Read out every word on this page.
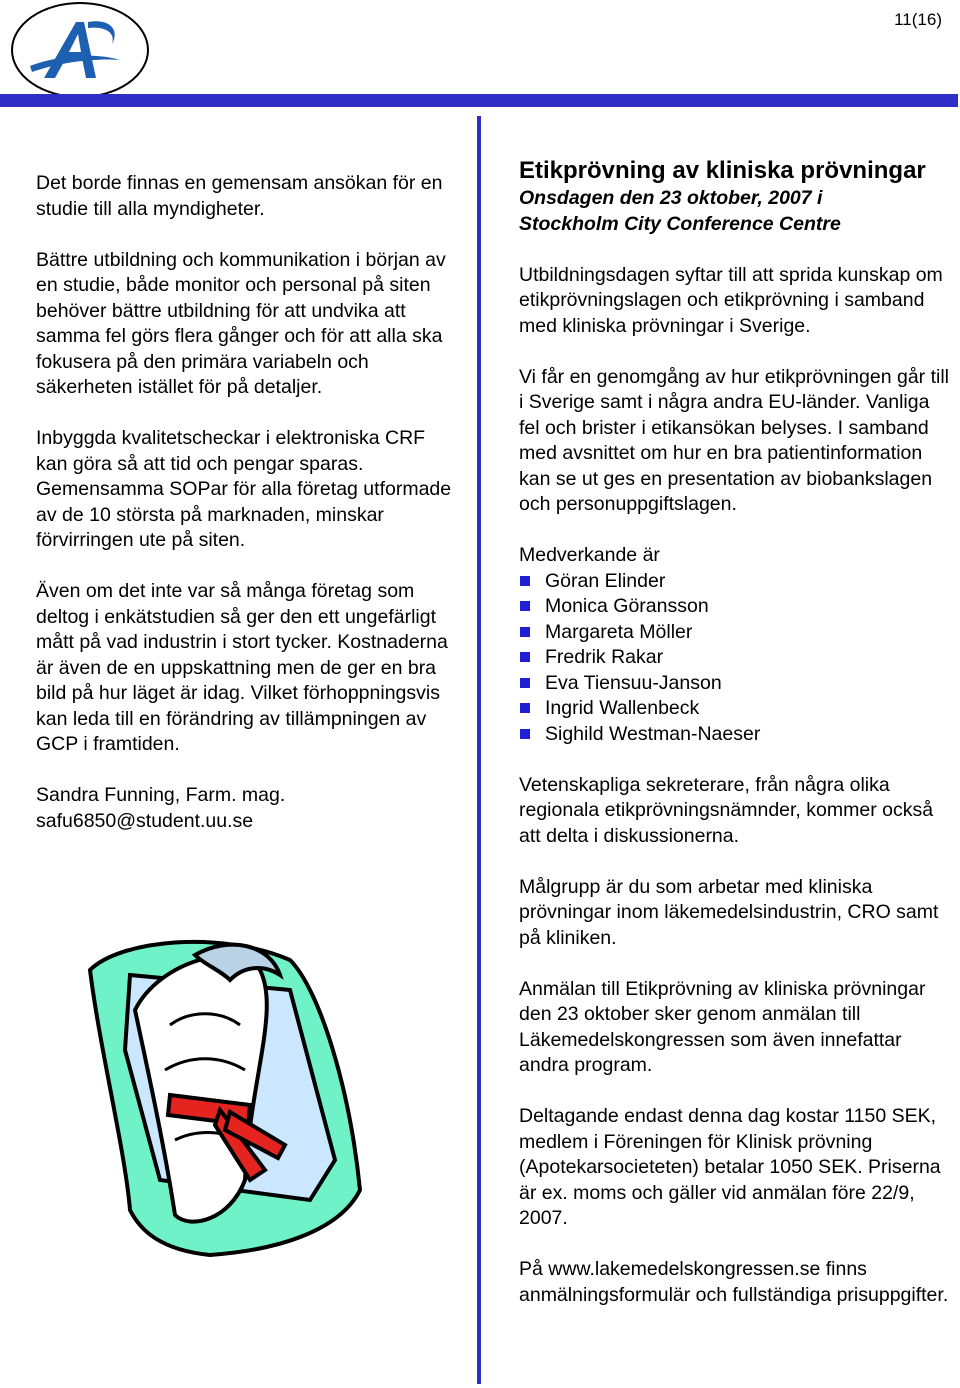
11(16)

Det borde finnas en gemensam ansökan för en studie till alla myndigheter.

Bättre utbildning och kommunikation i början av en studie, både monitor och personal på siten behöver bättre utbildning för att undvika att samma fel görs flera gånger och för att alla ska fokusera på den primära variabeln och säkerheten istället för på detaljer.

Inbyggda kvalitetscheckar i elektroniska CRF kan göra så att tid och pengar sparas. Gemensamma SOPar för alla företag utformade av de 10 största på marknaden, minskar förvirringen ute på siten.

Även om det inte var så många företag som deltog i enkätstudien så ger den ett ungefärligt mått på vad industrin i stort tycker. Kostnaderna är även de en uppskattning men de ger en bra bild på hur läget är idag. Vilket förhoppningsvis kan leda till en förändring av tillämpningen av GCP i framtiden.

Sandra Funning, Farm. mag.
safu6850@student.uu.se
Etikprövning av kliniska prövningar
Onsdagen den 23 oktober, 2007 i
Stockholm City Conference Centre

Utbildningsdagen syftar till att sprida kunskap om etikprövningslagen och etikprövning i samband med kliniska prövningar i Sverige.

Vi får en genomgång av hur etikprövningen går till i Sverige samt i några andra EU-länder. Vanliga fel och brister i etikansökan belyses. I samband med avsnittet om hur en bra patientinformation kan se ut ges en presentation av biobankslagen och personuppgiftslagen.

Medverkande är
Göran Elinder
Monica Göransson
Margareta Möller
Fredrik Rakar
Eva Tiensuu-Janson
Ingrid Wallenbeck
Sighild Westman-Naeser

Vetenskapliga sekreterare, från några olika regionala etikprövningsnämnder, kommer också att delta i diskussionerna.

Målgrupp är du som arbetar med kliniska prövningar inom läkemedelsindustrin, CRO samt på kliniken.

Anmälan till Etikprövning av kliniska prövningar den 23 oktober sker genom anmälan till Läkemedelskongressen som även innefattar andra program.

Deltagande endast denna dag kostar 1150 SEK, medlem i Föreningen för Klinisk prövning (Apotekarsocieteten) betalar 1050 SEK. Priserna är ex. moms och gäller vid anmälan före 22/9, 2007.

På www.lakemedelskongressen.se finns anmälningsformulär och fullständiga prisuppgifter.
